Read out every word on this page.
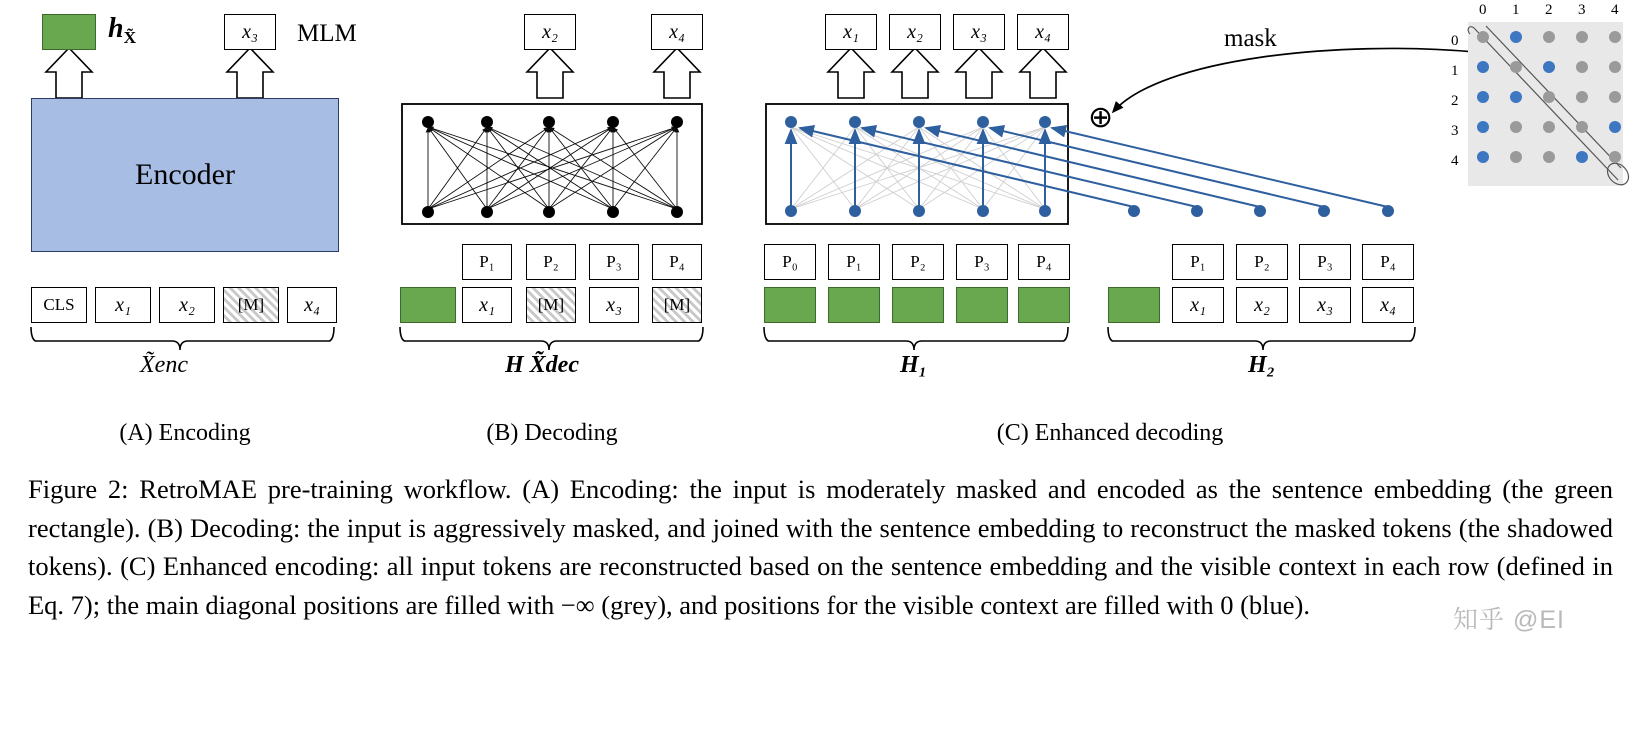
Encoder
$h_{X̃}$	x₃	MLM
CLS	x₁	x₂	[M]	x₄
X̃enc
x₂	x₄
P₁	P₂	P₃	P₄
x₁	[M]	x₃	[M]
H X̃dec
x₁	x₂	x₃	x₄
⊕
mask
P₀	P₁	P₂	P₃	P₄
H₁
P₁	P₂	P₃	P₄
x₁	x₂	x₃	x₄
H₂
0 1 2 3 4
0
1
2
3
4
(A) Encoding	(B) Decoding	(C) Enhanced decoding
Figure 2: RetroMAE pre-training workflow. (A) Encoding: the input is moderately masked and encoded as the sentence embedding (the green rectangle). (B) Decoding: the input is aggressively masked, and joined with the sentence embedding to reconstruct the masked tokens (the shadowed tokens). (C) Enhanced encoding: all input tokens are reconstructed based on the sentence embedding and the visible context in each row (defined in Eq. 7); the main diagonal positions are filled with −∞ (grey), and positions for the visible context are filled with 0 (blue).	知乎 @EI
